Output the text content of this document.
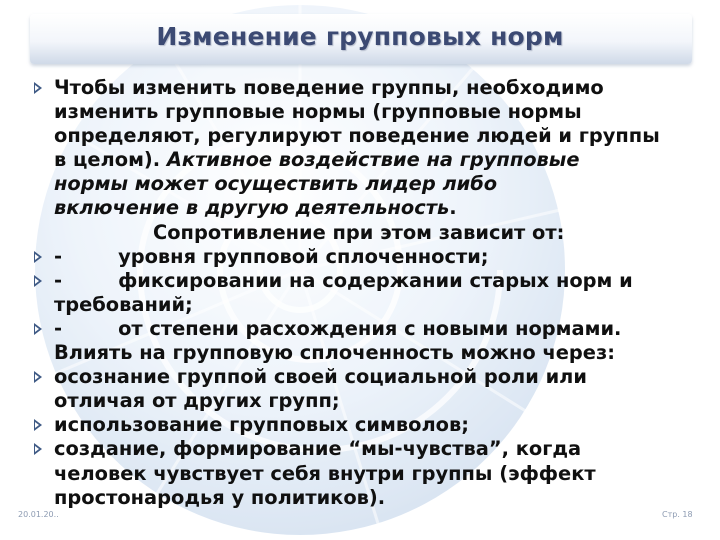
Изменение групповых норм
Чтобы изменить поведение группы, необходимо
изменить групповые нормы (групповые нормы
определяют, регулируют поведение людей и группы
в целом). Активное воздействие на групповые
нормы может осуществить лидер либо
включение в другую деятельность.
Сопротивление при этом зависит от:
-	уровня групповой сплоченности;
-	фиксировании на содержании старых норм и
требований;
-	от степени расхождения с новыми нормами.
Влиять на групповую сплоченность можно через:
осознание группой своей социальной роли или
отличая от других групп;
использование групповых символов;
создание, формирование “мы-чувства”, когда
человек чувствует себя внутри группы (эффект
простонародья у политиков).
20.01.20..	Стр. 18
